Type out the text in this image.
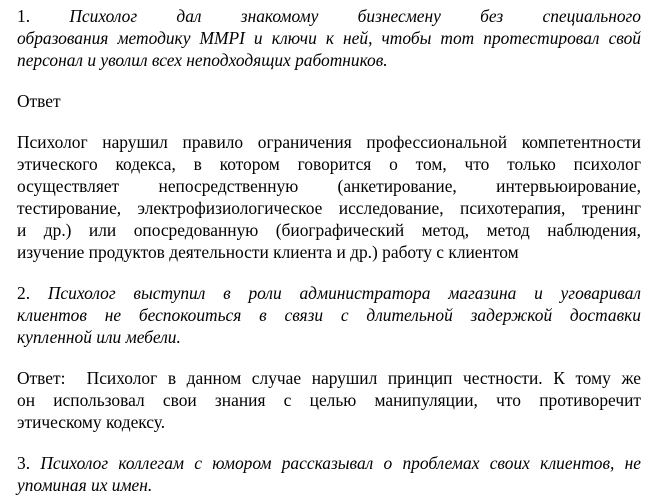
1. Психолог дал знакомому бизнесмену без специального
образования методику MMPI и ключи к ней, чтобы тот протестировал свой
персонал и уволил всех неподходящих работников.
Ответ
Психолог нарушил правило ограничения профессиональной компетентности
этического кодекса, в котором говорится о том, что только психолог
осуществляет непосредственную (анкетирование, интервьюирование,
тестирование, электрофизиологическое исследование, психотерапия, тренинг
и др.) или опосредованную (биографический метод, метод наблюдения,
изучение продуктов деятельности клиента и др.) работу с клиентом
2. Психолог выступил в роли администратора магазина и уговаривал
клиентов не беспокоиться в связи с длительной задержкой доставки
купленной или мебели.
Ответ: Психолог в данном случае нарушил принцип честности. К тому же
он использовал свои знания с целью манипуляции, что противоречит
этическому кодексу.
3. Психолог коллегам с юмором рассказывал о проблемах своих клиентов, не
упоминая их имен.
